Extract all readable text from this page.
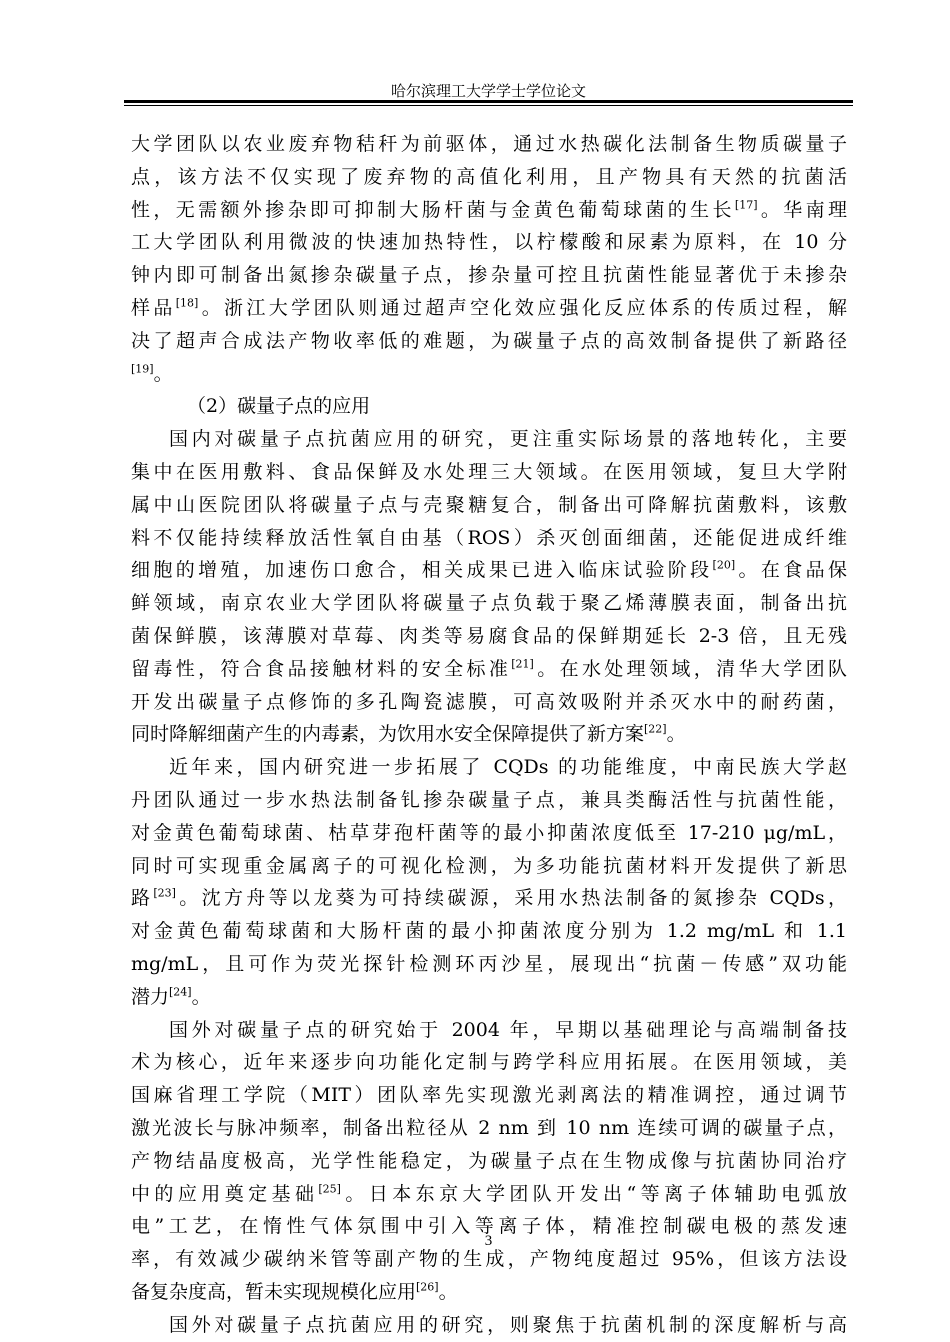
哈尔滨理工大学学士学位论文
大学团队以农业废弃物秸秆为前驱体，通过水热碳化法制备生物质碳量子
点，该方法不仅实现了废弃物的高值化利用，且产物具有天然的抗菌活
性，无需额外掺杂即可抑制大肠杆菌与金黄色葡萄球菌的生长[17]。华南理
工大学团队利用微波的快速加热特性，以柠檬酸和尿素为原料，在 10 分
钟内即可制备出氮掺杂碳量子点，掺杂量可控且抗菌性能显著优于未掺杂
样品[18]。浙江大学团队则通过超声空化效应强化反应体系的传质过程，解
决了超声合成法产物收率低的难题，为碳量子点的高效制备提供了新路径
[19]。
（2）碳量子点的应用
国内对碳量子点抗菌应用的研究，更注重实际场景的落地转化，主要
集中在医用敷料、食品保鲜及水处理三大领域。在医用领域，复旦大学附
属中山医院团队将碳量子点与壳聚糖复合，制备出可降解抗菌敷料，该敷
料不仅能持续释放活性氧自由基（ROS）杀灭创面细菌，还能促进成纤维
细胞的增殖，加速伤口愈合，相关成果已进入临床试验阶段[20]。在食品保
鲜领域，南京农业大学团队将碳量子点负载于聚乙烯薄膜表面，制备出抗
菌保鲜膜，该薄膜对草莓、肉类等易腐食品的保鲜期延长 2-3 倍，且无残
留毒性，符合食品接触材料的安全标准[21]。在水处理领域，清华大学团队
开发出碳量子点修饰的多孔陶瓷滤膜，可高效吸附并杀灭水中的耐药菌，
同时降解细菌产生的内毒素，为饮用水安全保障提供了新方案[22]。
近年来，国内研究进一步拓展了 CQDs 的功能维度，中南民族大学赵
丹团队通过一步水热法制备钆掺杂碳量子点，兼具类酶活性与抗菌性能，
对金黄色葡萄球菌、枯草芽孢杆菌等的最小抑菌浓度低至 17-210 μg/mL，
同时可实现重金属离子的可视化检测，为多功能抗菌材料开发提供了新思
路[23]。沈方舟等以龙葵为可持续碳源，采用水热法制备的氮掺杂 CQDs，
对金黄色葡萄球菌和大肠杆菌的最小抑菌浓度分别为 1.2 mg/mL 和 1.1
mg/mL，且可作为荧光探针检测环丙沙星，展现出“抗菌－传感”双功能
潜力[24]。
国外对碳量子点的研究始于 2004 年，早期以基础理论与高端制备技
术为核心，近年来逐步向功能化定制与跨学科应用拓展。在医用领域，美
国麻省理工学院（MIT）团队率先实现激光剥离法的精准调控，通过调节
激光波长与脉冲频率，制备出粒径从 2 nm 到 10 nm 连续可调的碳量子点，
产物结晶度极高，光学性能稳定，为碳量子点在生物成像与抗菌协同治疗
中的应用奠定基础[25]。日本东京大学团队开发出“等离子体辅助电弧放
电”工艺，在惰性气体氛围中引入等离子体，精准控制碳电极的蒸发速
率，有效减少碳纳米管等副产物的生成，产物纯度超过 95%，但该方法设
备复杂度高，暂未实现规模化应用[26]。
国外对碳量子点抗菌应用的研究，则聚焦于抗菌机制的深度解析与高
3
